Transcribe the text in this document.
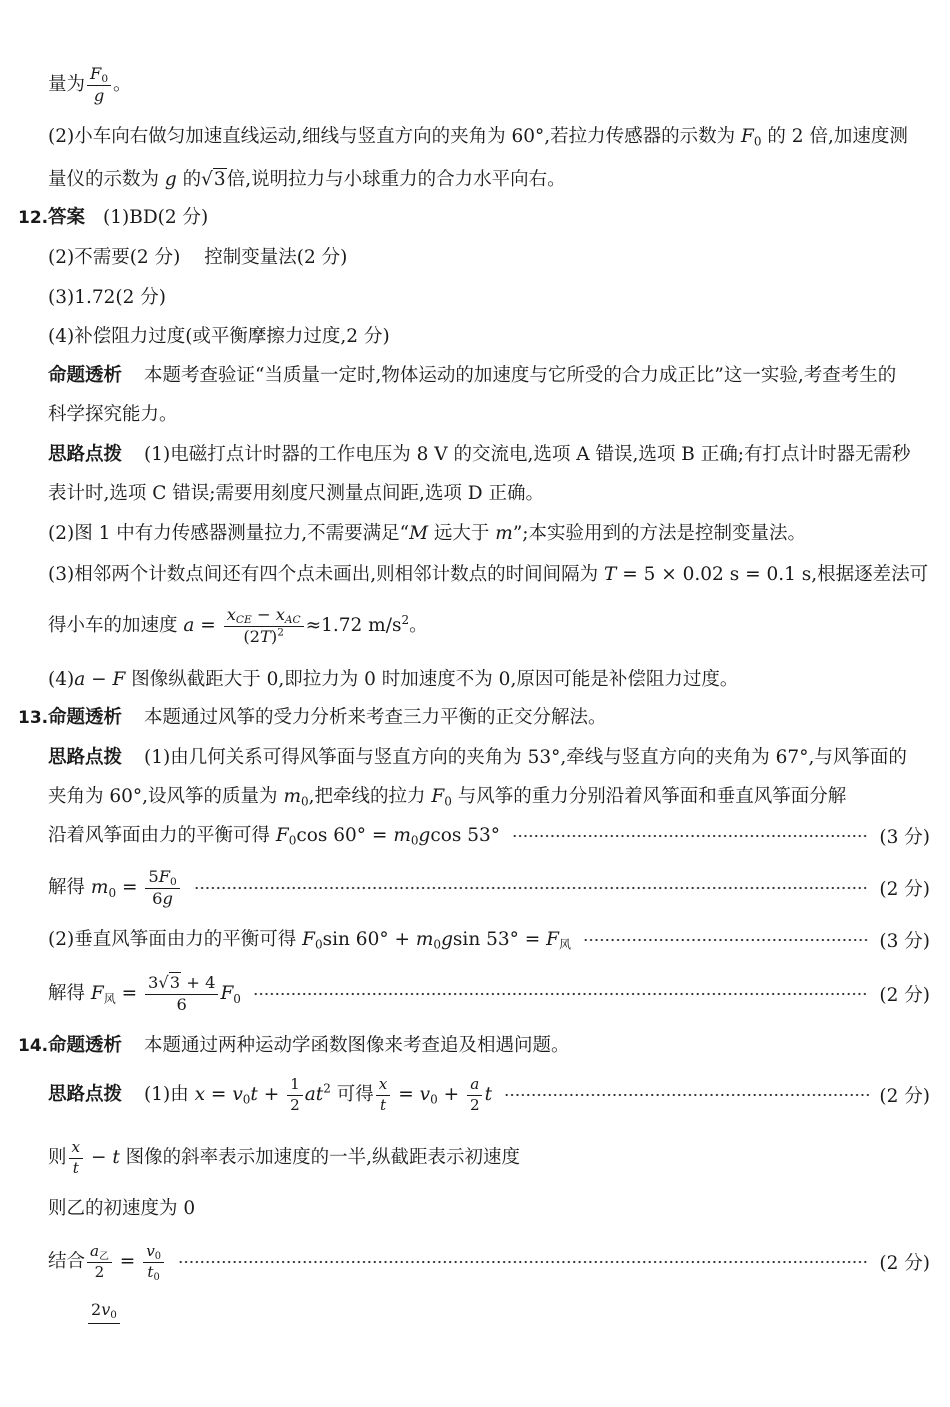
量为 $\frac{F_0}{g}$ 。
(2)小车向右做匀加速直线运动,细线与竖直方向的夹角为 60°,若拉力传感器的示数为 $F_0$ 的 2 倍,加速度测
量仪的示数为 g 的√3倍,说明拉力与小球重力的合力水平向右。
12. 答案 (1)BD(2 分)
(2)不需要(2 分) 控制变量法(2 分)
(3)1.72(2 分)
(4)补偿阻力过度(或平衡摩擦力过度,2 分)
命题透析 本题考查验证“当质量一定时,物体运动的加速度与它所受的合力成正比”这一实验,考查考生的
科学探究能力。
思路点拨 (1)电磁打点计时器的工作电压为 8 V 的交流电,选项 A 错误,选项 B 正确;有打点计时器无需秒
表计时,选项 C 错误;需要用刻度尺测量点间距,选项 D 正确。
(2)图 1 中有力传感器测量拉力,不需要满足“M 远大于 m”;本实验用到的方法是控制变量法。
(3)相邻两个计数点间还有四个点未画出,则相邻计数点的时间间隔为 T = 5 × 0.02 s = 0.1 s,根据逐差法可
得小车的加速度 $a = \frac{x_{CE} - x_{AC}}{(2T)^2} \approx 1.72$ $m/s^2$。
(4)a − F 图像纵截距大于 0,即拉力为 0 时加速度不为 0,原因可能是补偿阻力过度。
13. 命题透析 本题通过风筝的受力分析来考查三力平衡的正交分解法。
思路点拨 (1)由几何关系可得风筝面与竖直方向的夹角为 53°,牵线与竖直方向的夹角为 67°,与风筝面的
夹角为 60°,设风筝的质量为 $m_0$,把牵线的拉力 $F_0$ 与风筝的重力分别沿着风筝面和垂直风筝面分解
沿着风筝面由力的平衡可得 $F_0\cos$ $60^\circ = m_0gcos$ 53°	(3 分)
解得 $m_0 = \frac{5F_0}{6g}$	(2 分)
(2)垂直风筝面由力的平衡可得 $F_0\sin$ $60^\circ + m_0gsin$ $53^\circ = F_风$	(3 分)
解得 $F_风 = \frac{3√3 + 4}{6} F_0$	(2 分)
14. 命题透析 本题通过两种运动学函数图像来考查追及相遇问题。
思路点拨 (1)由 $x = v_0t + \frac{1}{2} at^2$ 可得 $\frac{x}{t} = v_0 + \frac{a}{2}$ t	(2 分)
则 $\frac{x}{t} - t$ 图像的斜率表示加速度的一半,纵截距表示初速度
则乙的初速度为 0
结合 $\frac{a_乙}{2} = \frac{v_0}{t_0}$	(2 分)
$2v_0$
